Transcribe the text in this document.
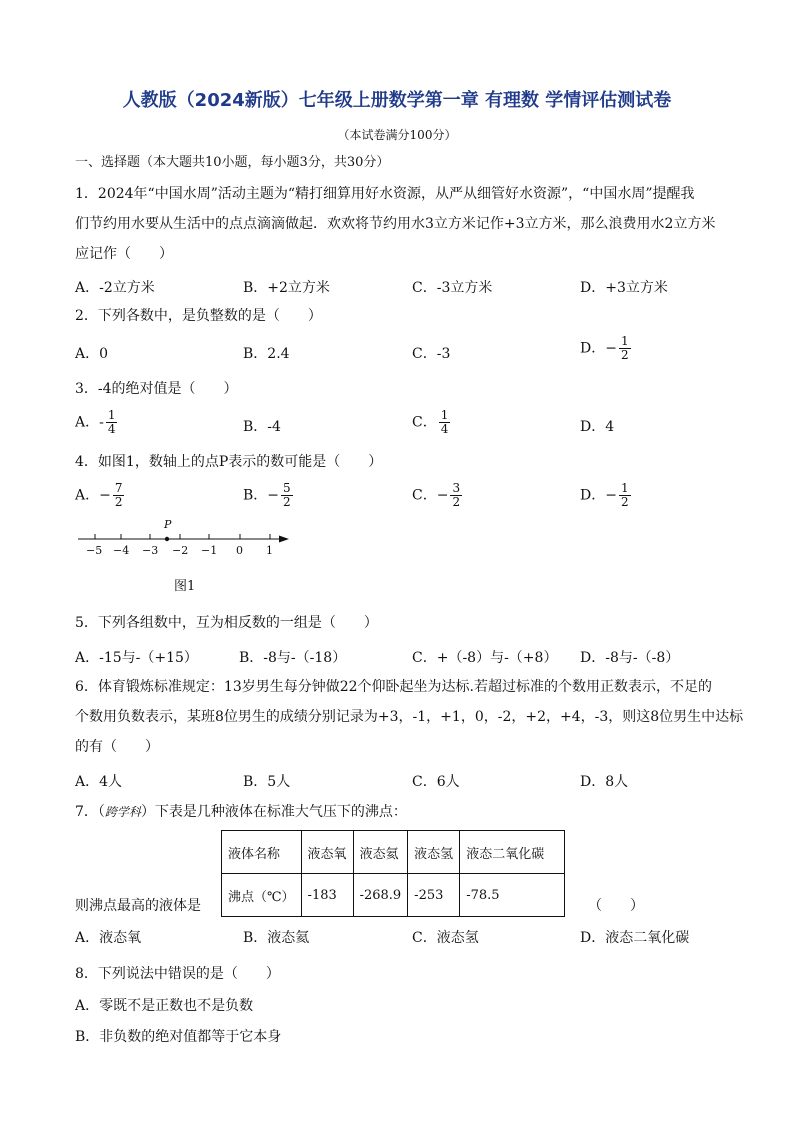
人教版（2024新版）七年级上册数学第一章 有理数 学情评估测试卷
（本试卷满分100分）
一、选择题（本大题共10小题，每小题3分，共30分）
1．2024年“中国水周”活动主题为“精打细算用好水资源，从严从细管好水资源”，“中国水周”提醒我
们节约用水要从生活中的点点滴滴做起．欢欢将节约用水3立方米记作+3立方米，那么浪费用水2立方米
应记作（　　）
A．-2立方米	B．+2立方米	C．-3立方米	D．+3立方米
2．下列各数中，是负整数的是（　　）
A．0	B．2.4	C．-3	D．− $\frac{1}{2}$
3．-4的绝对值是（　　）
A．- $\frac{1}{4}$	B．-4	C． $\frac{1}{4}$	D．4
4．如图1，数轴上的点P表示的数可能是（　　）
A．− $\frac{7}{2}$	B．− $\frac{5}{2}$	C．− $\frac{3}{2}$	D．− $\frac{1}{2}$
P
−5 −4 −3 −2 −1 0 1
图1
5．下列各组数中，互为相反数的一组是（　　）
A．-15与-（+15）	B．-8与-（-18）	C．+（-8）与-（+8） D．-8与-（-8）
6．体育锻炼标准规定：13岁男生每分钟做22个仰卧起坐为达标.若超过标准的个数用正数表示，不足的
个数用负数表示，某班8位男生的成绩分别记录为+3，-1，+1，0，-2，+2，+4，-3，则这8位男生中达标
的有（　　）
A．4人	B．5人	C．6人	D．8人
7．（跨学科）下表是几种液体在标准大气压下的沸点：
液体名称	液态氧	液态氦	液态氢	液态二氧化碳
沸点（℃）	-183	-268.9	-253	-78.5
则沸点最高的液体是	（　　）
A．液态氧	B．液态氦	C．液态氢	D．液态二氧化碳
8．下列说法中错误的是（　　）
A．零既不是正数也不是负数
B．非负数的绝对值都等于它本身
